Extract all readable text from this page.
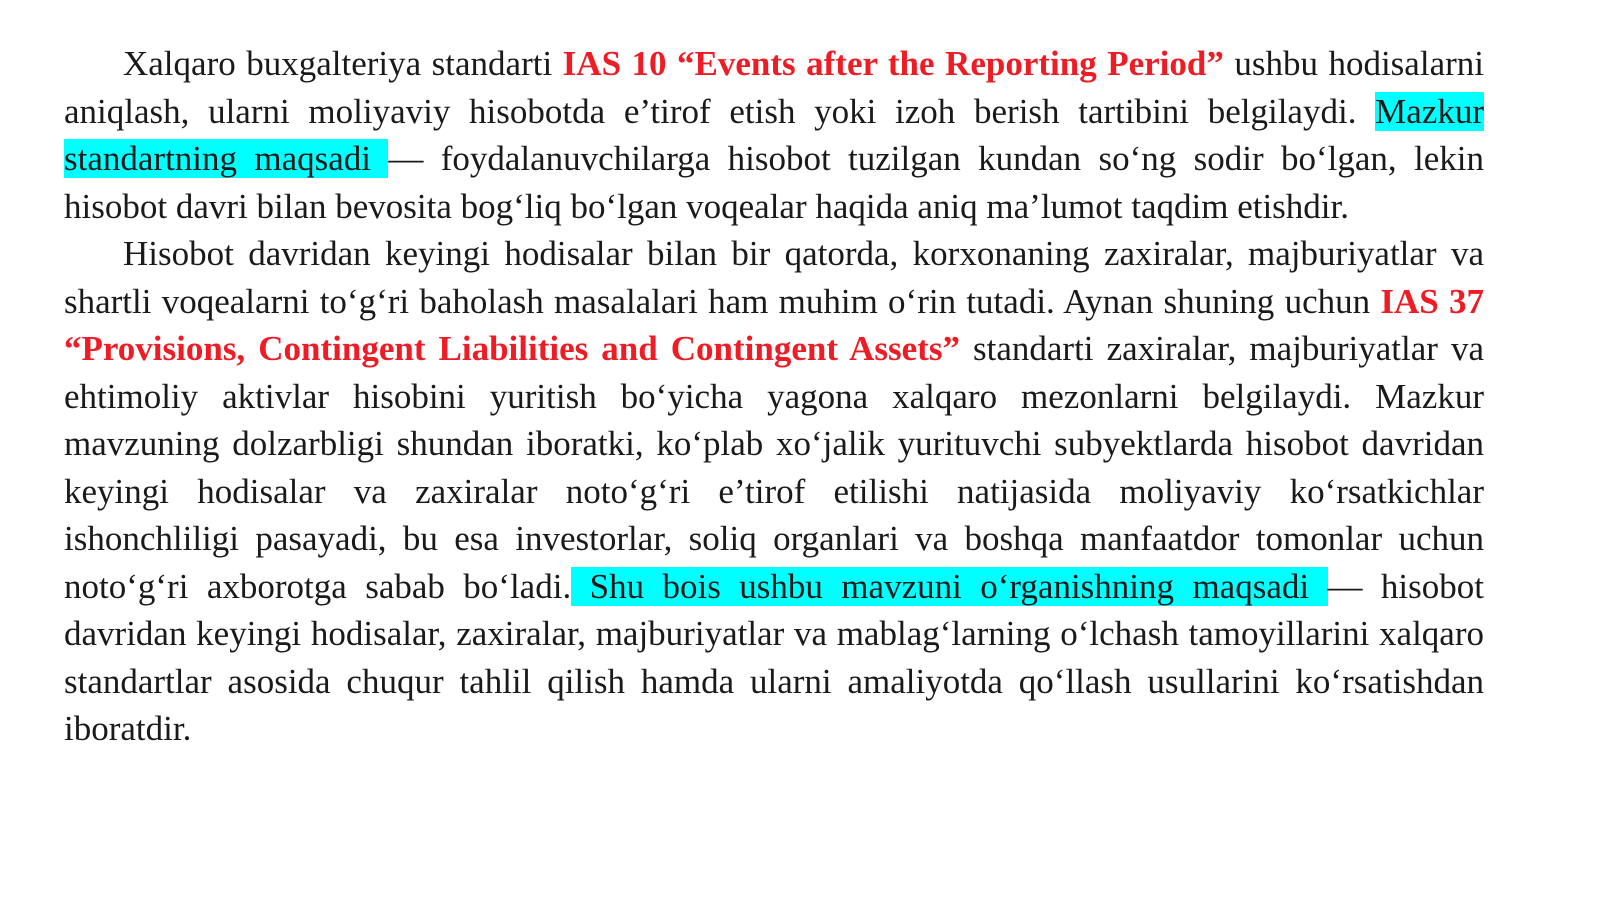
Xalqaro buxgalteriya standarti IAS 10 “Events after the Reporting Period” ushbu hodisalarni aniqlash, ularni moliyaviy hisobotda e’tirof etish yoki izoh berish tartibini belgilaydi. Mazkur standartning maqsadi — foydalanuvchilarga hisobot tuzilgan kundan so‘ng sodir bo‘lgan, lekin hisobot davri bilan bevosita bog‘liq bo‘lgan voqealar haqida aniq ma’lumot taqdim etishdir.

Hisobot davridan keyingi hodisalar bilan bir qatorda, korxonaning zaxiralar, majburiyatlar va shartli voqealarni to‘g‘ri baholash masalalari ham muhim o‘rin tutadi. Aynan shuning uchun IAS 37 “Provisions, Contingent Liabilities and Contingent Assets” standarti zaxiralar, majburiyatlar va ehtimoliy aktivlar hisobini yuritish bo‘yicha yagona xalqaro mezonlarni belgilaydi. Mazkur mavzuning dolzarbligi shundan iboratki, ko‘plab xo‘jalik yurituvchi subyektlarda hisobot davridan keyingi hodisalar va zaxiralar noto‘g‘ri e’tirof etilishi natijasida moliyaviy ko‘rsatkichlar ishonchliligi pasayadi, bu esa investorlar, soliq organlari va boshqa manfaatdor tomonlar uchun noto‘g‘ri axborotga sabab bo‘ladi. Shu bois ushbu mavzuni o‘rganishning maqsadi — hisobot davridan keyingi hodisalar, zaxiralar, majburiyatlar va mablag‘larning o‘lchash tamoyillarini xalqaro standartlar asosida chuqur tahlil qilish hamda ularni amaliyotda qo‘llash usullarini ko‘rsatishdan iboratdir.
